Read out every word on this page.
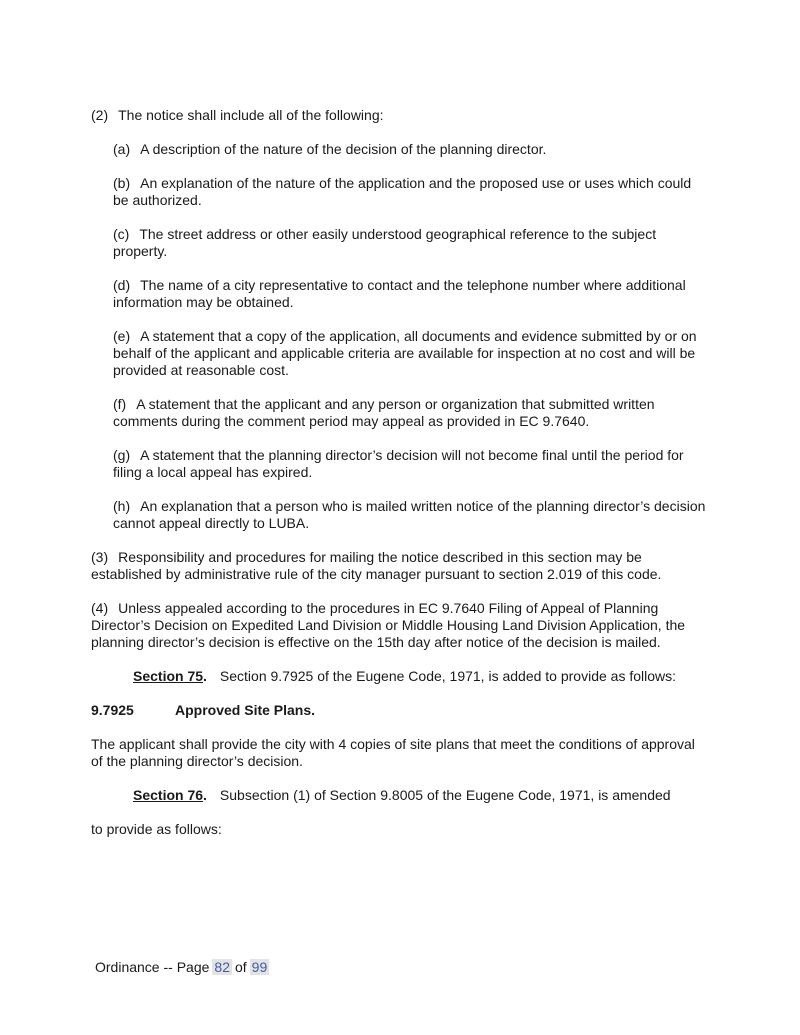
(2) The notice shall include all of the following:

(a) A description of the nature of the decision of the planning director.

(b) An explanation of the nature of the application and the proposed use or uses which could be authorized.

(c) The street address or other easily understood geographical reference to the subject property.

(d) The name of a city representative to contact and the telephone number where additional information may be obtained.

(e) A statement that a copy of the application, all documents and evidence submitted by or on behalf of the applicant and applicable criteria are available for inspection at no cost and will be provided at reasonable cost.

(f) A statement that the applicant and any person or organization that submitted written comments during the comment period may appeal as provided in EC 9.7640.

(g) A statement that the planning director’s decision will not become final until the period for filing a local appeal has expired.

(h) An explanation that a person who is mailed written notice of the planning director’s decision cannot appeal directly to LUBA.

(3) Responsibility and procedures for mailing the notice described in this section may be established by administrative rule of the city manager pursuant to section 2.019 of this code.

(4) Unless appealed according to the procedures in EC 9.7640 Filing of Appeal of Planning Director’s Decision on Expedited Land Division or Middle Housing Land Division Application, the planning director’s decision is effective on the 15th day after notice of the decision is mailed.

Section 75. Section 9.7925 of the Eugene Code, 1971, is added to provide as follows:

9.7925	Approved Site Plans.

The applicant shall provide the city with 4 copies of site plans that meet the conditions of approval of the planning director’s decision.

Section 76. Subsection (1) of Section 9.8005 of the Eugene Code, 1971, is amended

to provide as follows:

Ordinance -- Page 82 of 99
